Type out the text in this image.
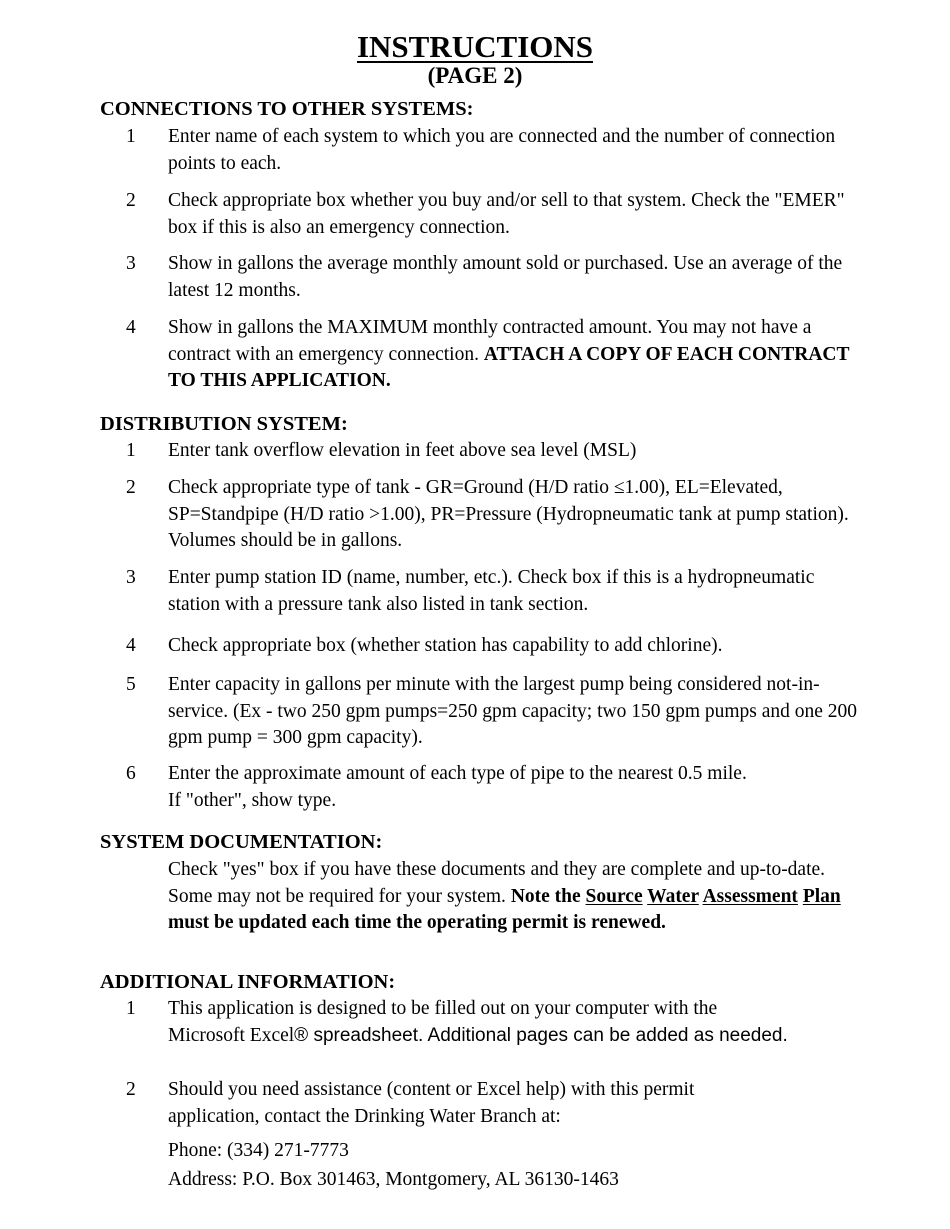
INSTRUCTIONS
(PAGE 2)
CONNECTIONS TO OTHER SYSTEMS:
1 Enter name of each system to which you are connected and the number of connection points to each.
2 Check appropriate box whether you buy and/or sell to that system. Check the "EMER" box if this is also an emergency connection.
3 Show in gallons the average monthly amount sold or purchased. Use an average of the latest 12 months.
4 Show in gallons the MAXIMUM monthly contracted amount. You may not have a contract with an emergency connection. ATTACH A COPY OF EACH CONTRACT TO THIS APPLICATION.
DISTRIBUTION SYSTEM:
1 Enter tank overflow elevation in feet above sea level (MSL)
2 Check appropriate type of tank - GR=Ground (H/D ratio ≤1.00), EL=Elevated, SP=Standpipe (H/D ratio >1.00), PR=Pressure (Hydropneumatic tank at pump station). Volumes should be in gallons.
3 Enter pump station ID (name, number, etc.). Check box if this is a hydropneumatic station with a pressure tank also listed in tank section.
4 Check appropriate box (whether station has capability to add chlorine).
5 Enter capacity in gallons per minute with the largest pump being considered not-in-service. (Ex - two 250 gpm pumps=250 gpm capacity; two 150 gpm pumps and one 200 gpm pump = 300 gpm capacity).
6 Enter the approximate amount of each type of pipe to the nearest 0.5 mile.
If "other", show type.
SYSTEM DOCUMENTATION:
Check "yes" box if you have these documents and they are complete and up-to-date. Some may not be required for your system. Note the Source Water Assessment Plan must be updated each time the operating permit is renewed.
ADDITIONAL INFORMATION:
1 This application is designed to be filled out on your computer with the Microsoft Excel® spreadsheet. Additional pages can be added as needed.
2 Should you need assistance (content or Excel help) with this permit application, contact the Drinking Water Branch at:
Phone: (334) 271-7773
Address: P.O. Box 301463, Montgomery, AL 36130-1463
